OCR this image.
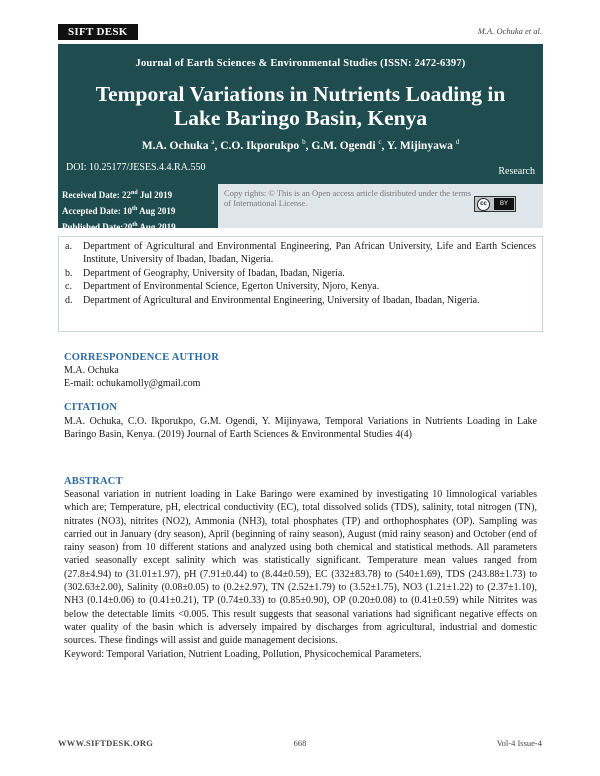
SIFT DESK	M.A. Ochuka et al.
Journal of Earth Sciences & Environmental Studies (ISSN: 2472-6397)
Temporal Variations in Nutrients Loading in
Lake Baringo Basin, Kenya
M.A. Ochuka $^a$, C.O. Ikporukpo $^b$, G.M. Ogendi $^c$, Y. Mijinyawa $^d$
DOI: 10.25177/JESES.4.4.RA.550	Research
Received Date: 22nd Jul 2019
Accepted Date: 10th Aug 2019
Published Date:20th Aug 2019
Copy rights: © This is an Open access article distributed under the terms of International License.	cc	BY
a.	Department of Agricultural and Environmental Engineering, Pan African University, Life and Earth Sciences Institute, University of Ibadan, Ibadan, Nigeria.
b.	Department of Geography, University of Ibadan, Ibadan, Nigeria.
c.	Department of Environmental Science, Egerton University, Njoro, Kenya.
d.	Department of Agricultural and Environmental Engineering, University of Ibadan, Ibadan, Nigeria.
CORRESPONDENCE AUTHOR
M.A. Ochuka
E-mail: ochukamolly@gmail.com
CITATION
M.A. Ochuka, C.O. Ikporukpo, G.M. Ogendi, Y. Mijinyawa, Temporal Variations in Nutrients Loading in Lake Baringo Basin, Kenya. (2019) Journal of Earth Sciences & Environmental Studies 4(4)
ABSTRACT
Seasonal variation in nutrient loading in Lake Baringo were examined by investigating 10 limnological variables which are; Temperature, pH, electrical conductivity (EC), total dissolved solids (TDS), salinity, total nitrogen (TN), nitrates (NO3), nitrites (NO2), Ammonia (NH3), total phosphates (TP) and orthophosphates (OP). Sampling was carried out in January (dry season), April (beginning of rainy season), August (mid rainy season) and October (end of rainy season) from 10 different stations and analyzed using both chemical and statistical methods. All parameters varied seasonally except salinity which was statistically significant. Temperature mean values ranged from (27.8±4.94) to (31.01±1.97), pH (7.91±0.44) to (8.44±0.59), EC (332±83.78) to (540±1.69), TDS (243.88±1.73) to (302.63±2.00), Salinity (0.08±0.05) to (0.2±2.97), TN (2.52±1.79) to (3.52±1.75), NO3 (1.21±1.22) to (2.37±1.10), NH3 (0.14±0.06) to (0.41±0.21), TP (0.74±0.33) to (0.85±0.90), OP (0.20±0.08) to (0.41±0.59) while Nitrites was below the detectable limits <0.005. This result suggests that seasonal variations had significant negative effects on water quality of the basin which is adversely impaired by discharges from agricultural, industrial and domestic sources. These findings will assist and guide management decisions.
Keyword: Temporal Variation, Nutrient Loading, Pollution, Physicochemical Parameters.
WWW.SIFTDESK.ORG	668	Vol-4 Issue-4
